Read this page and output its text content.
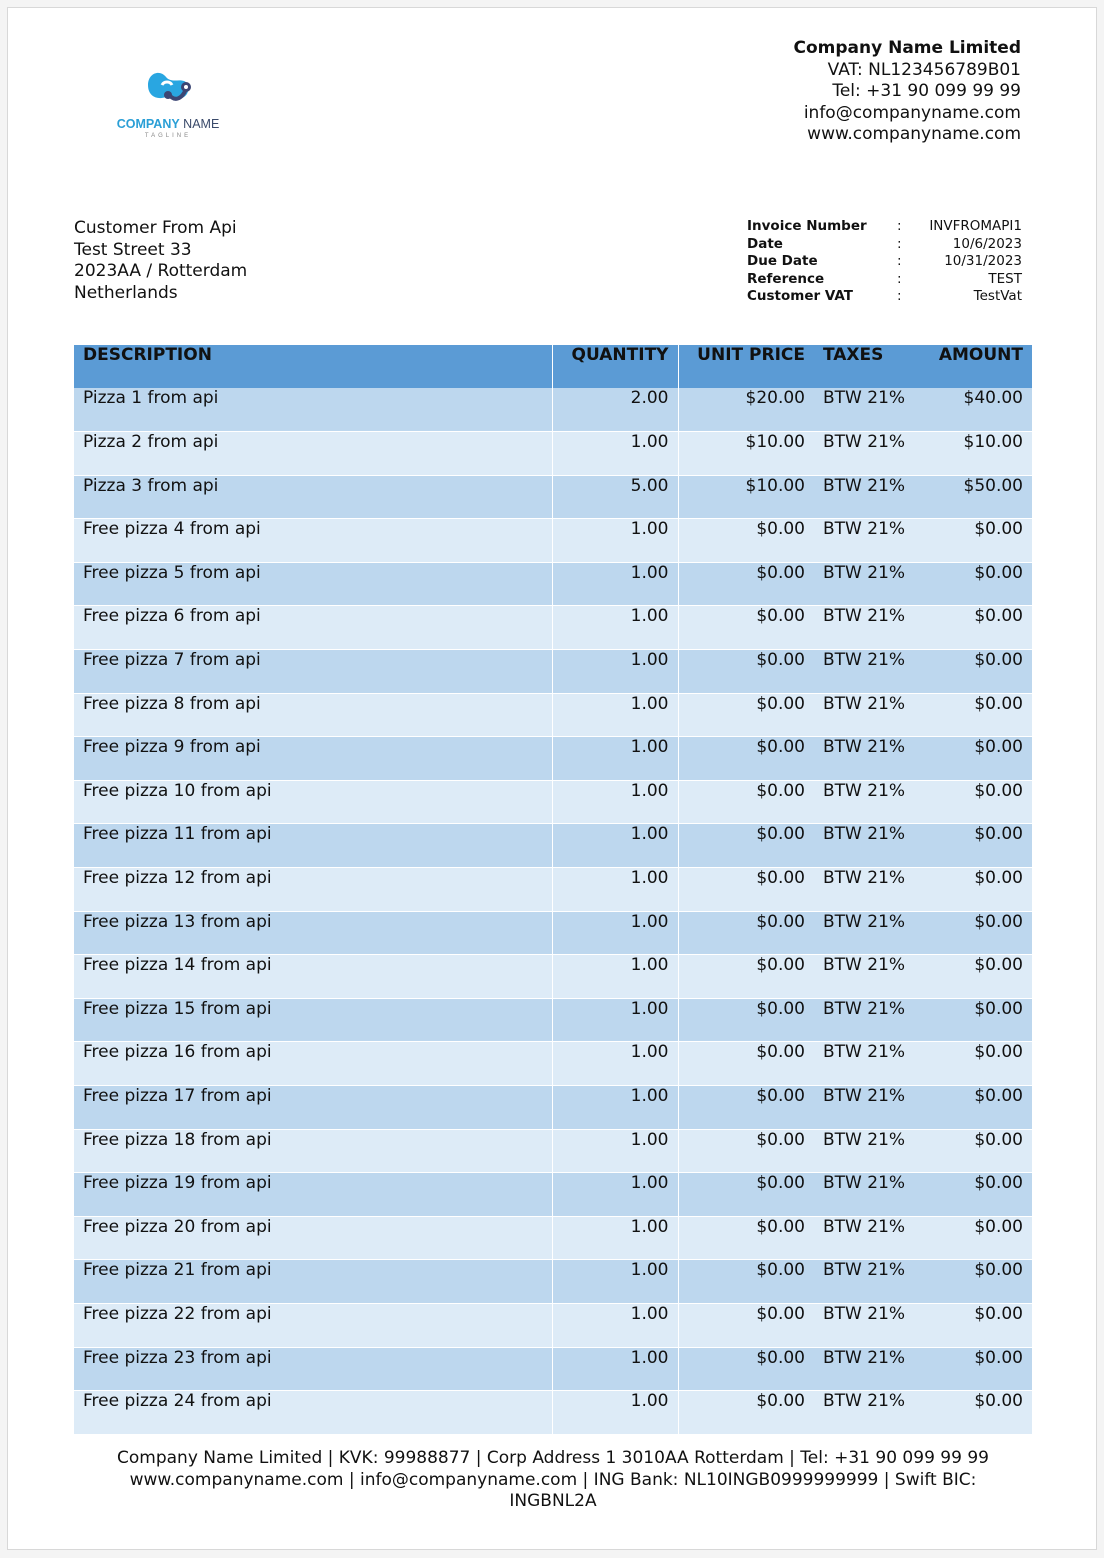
COMPANY NAME
TAGLINE
Company Name Limited
VAT: NL123456789B01
Tel: +31 90 099 99 99
info@companyname.com
www.companyname.com
Customer From Api
Test Street 33
2023AA / Rotterdam
Netherlands
Invoice Number	:	INVFROMAPI1
Date	:	10/6/2023
Due Date	:	10/31/2023
Reference	:	TEST
Customer VAT	:	TestVat
DESCRIPTION	QUANTITY	UNIT PRICE	TAXES	AMOUNT
Pizza 1 from api	2.00	$20.00	BTW 21%	$40.00
Pizza 2 from api	1.00	$10.00	BTW 21%	$10.00
Pizza 3 from api	5.00	$10.00	BTW 21%	$50.00
Free pizza 4 from api	1.00	$0.00	BTW 21%	$0.00
Free pizza 5 from api	1.00	$0.00	BTW 21%	$0.00
Free pizza 6 from api	1.00	$0.00	BTW 21%	$0.00
Free pizza 7 from api	1.00	$0.00	BTW 21%	$0.00
Free pizza 8 from api	1.00	$0.00	BTW 21%	$0.00
Free pizza 9 from api	1.00	$0.00	BTW 21%	$0.00
Free pizza 10 from api	1.00	$0.00	BTW 21%	$0.00
Free pizza 11 from api	1.00	$0.00	BTW 21%	$0.00
Free pizza 12 from api	1.00	$0.00	BTW 21%	$0.00
Free pizza 13 from api	1.00	$0.00	BTW 21%	$0.00
Free pizza 14 from api	1.00	$0.00	BTW 21%	$0.00
Free pizza 15 from api	1.00	$0.00	BTW 21%	$0.00
Free pizza 16 from api	1.00	$0.00	BTW 21%	$0.00
Free pizza 17 from api	1.00	$0.00	BTW 21%	$0.00
Free pizza 18 from api	1.00	$0.00	BTW 21%	$0.00
Free pizza 19 from api	1.00	$0.00	BTW 21%	$0.00
Free pizza 20 from api	1.00	$0.00	BTW 21%	$0.00
Free pizza 21 from api	1.00	$0.00	BTW 21%	$0.00
Free pizza 22 from api	1.00	$0.00	BTW 21%	$0.00
Free pizza 23 from api	1.00	$0.00	BTW 21%	$0.00
Free pizza 24 from api	1.00	$0.00	BTW 21%	$0.00
Company Name Limited | KVK: 99988877 | Corp Address 1 3010AA Rotterdam | Tel: +31 90 099 99 99
www.companyname.com | info@companyname.com | ING Bank: NL10INGB0999999999 | Swift BIC:
INGBNL2A
